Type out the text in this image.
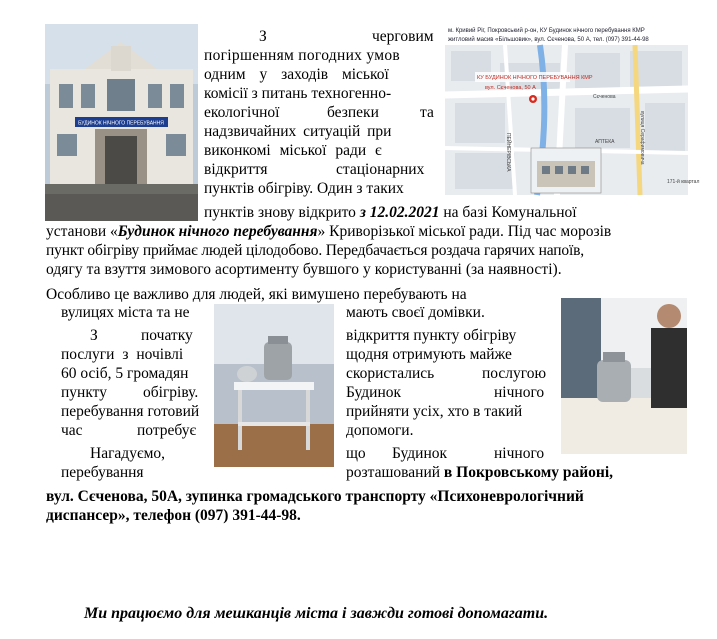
БУДИНОК НІЧНОГО ПЕРЕБУВАННЯ
м. Кривий Ріг, Покровський р-он, КУ Будинок нічного перебування КМР
житловий масив «Більшовик», вул. Сєченова, 50 А, тел. (097) 391-44-98
КУ БУДИНОК НІЧНОГО ПЕРЕБУВАННЯ КМР
вул. Сєченова, 50 А
Сєченова
вулиця Серафимовича
ПЕЙНЕРІВСЬКА	АПТЕКА
171-й квартал
З	черговим
погіршенням погодних умов
одним у заходів міської
комісії з питань техногенно-
екологічної	безпеки	та
надзвичайних ситуацій при
виконкомі міської ради є
відкриття	стаціонарних
пунктів обігріву. Один з таких
пунктів знову відкрито з 12.02.2021 на базі Комунальної
установи «Будинок нічного перебування» Криворізької міської ради. Під час морозів
пункт обігріву приймає людей цілодобово. Передбачається роздача гарячих напоїв,
одягу та взуття зимового асортименту бувшого у користуванні (за наявності).
Особливо це важливо для людей, які вимушено перебувають на
вулицях міста та не
З	початку
послуги з ночівлі
60 осіб, 5 громадян
пункту обігріву.
перебування готовий
час	потребує
Нагадуємо,
перебування
мають своєї домівки.
відкриття пункту обігріву
щодня отримують майже
скористались	послугою
Будинок	нічного
прийняти усіх, хто в такий
допомоги.
що Будинок	нічного
розташований в Покровському районі,
вул. Сєченова, 50А, зупинка громадського транспорту «Психоневрологічний
диспансер», телефон (097) 391-44-98.
Ми працюємо для мешканців міста і завжди готові допомагати.
